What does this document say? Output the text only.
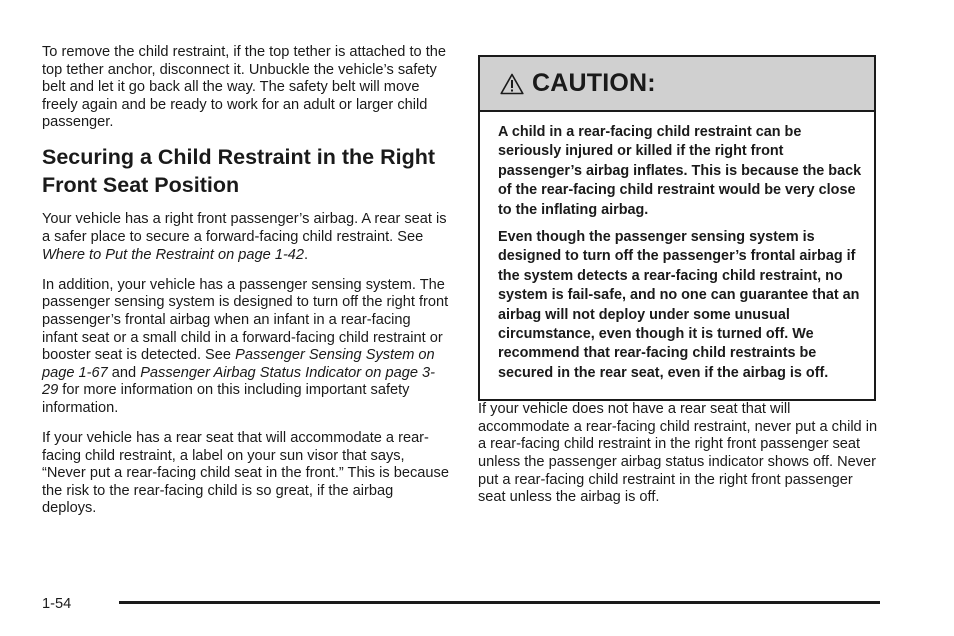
To remove the child restraint, if the top tether is attached to the top tether anchor, disconnect it. Unbuckle the vehicle’s safety belt and let it go back all the way. The safety belt will move freely again and be ready to work for an adult or larger child passenger.

Securing a Child Restraint in the Right Front Seat Position

Your vehicle has a right front passenger’s airbag. A rear seat is a safer place to secure a forward-facing child restraint. See Where to Put the Restraint on page 1-42.

In addition, your vehicle has a passenger sensing system. The passenger sensing system is designed to turn off the right front passenger’s frontal airbag when an infant in a rear-facing infant seat or a small child in a forward-facing child restraint or booster seat is detected. See Passenger Sensing System on page 1-67 and Passenger Airbag Status Indicator on page 3-29 for more information on this including important safety information.

If your vehicle has a rear seat that will accommodate a rear-facing child restraint, a label on your sun visor that says, “Never put a rear-facing child seat in the front.” This is because the risk to the rear-facing child is so great, if the airbag deploys.

CAUTION:

A child in a rear-facing child restraint can be seriously injured or killed if the right front passenger’s airbag inflates. This is because the back of the rear-facing child restraint would be very close to the inflating airbag.

Even though the passenger sensing system is designed to turn off the passenger’s frontal airbag if the system detects a rear-facing child restraint, no system is fail-safe, and no one can guarantee that an airbag will not deploy under some unusual circumstance, even though it is turned off. We recommend that rear-facing child restraints be secured in the rear seat, even if the airbag is off.

If your vehicle does not have a rear seat that will accommodate a rear-facing child restraint, never put a child in a rear-facing child restraint in the right front passenger seat unless the passenger airbag status indicator shows off. Never put a rear-facing child restraint in the right front passenger seat unless the airbag is off.

1-54
